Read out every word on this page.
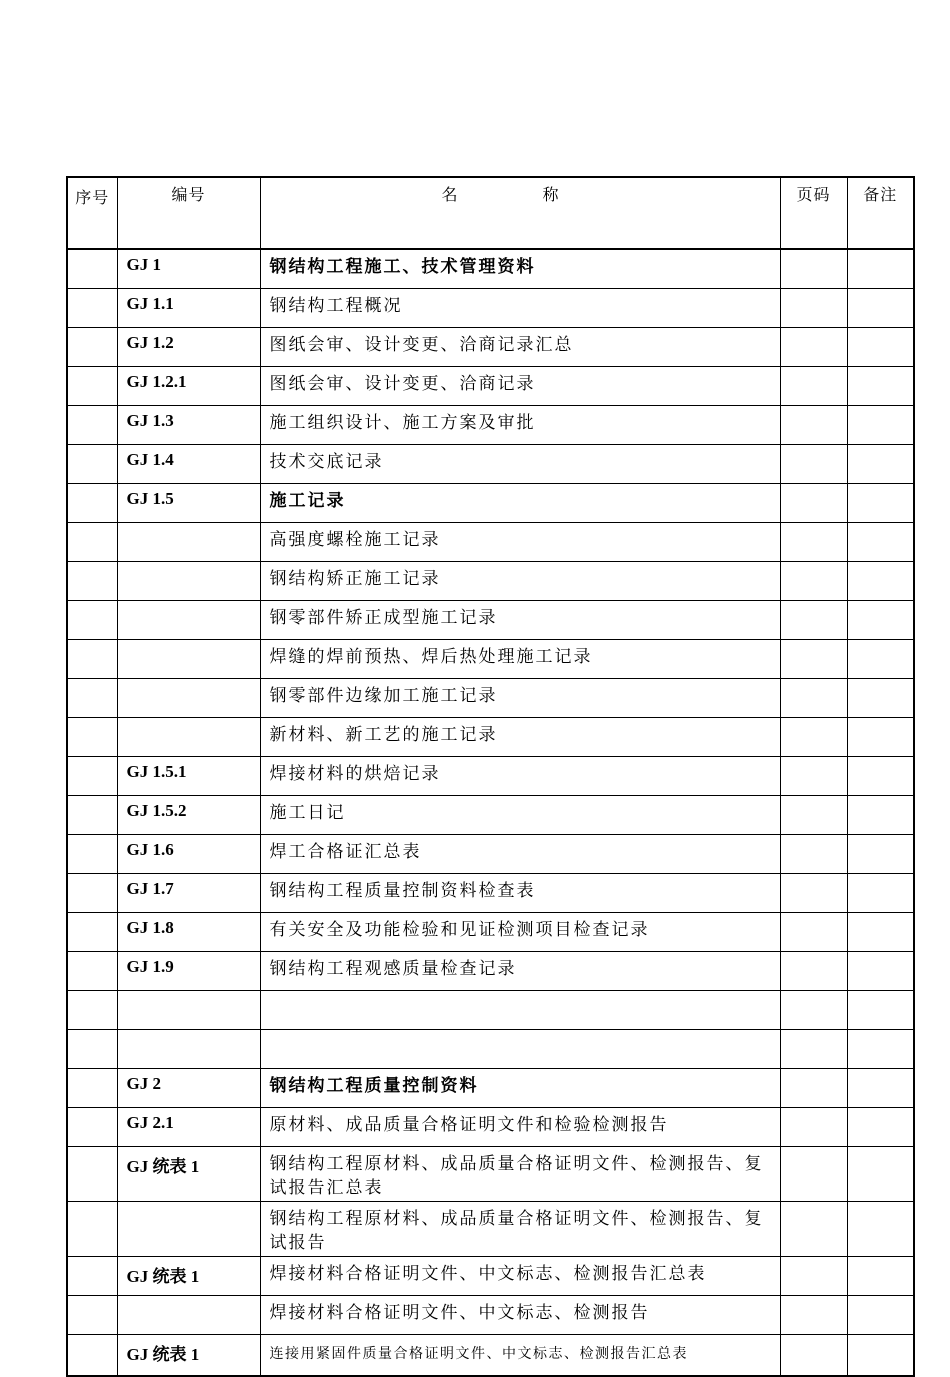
序号	编号	名 称	页码	备注
	GJ 1	钢结构工程施工、技术管理资料		
	GJ 1.1	钢结构工程概况		
	GJ 1.2	图纸会审、设计变更、洽商记录汇总		
	GJ 1.2.1	图纸会审、设计变更、洽商记录		
	GJ 1.3	施工组织设计、施工方案及审批		
	GJ 1.4	技术交底记录		
	GJ 1.5	施工记录		
		高强度螺栓施工记录		
		钢结构矫正施工记录		
		钢零部件矫正成型施工记录		
		焊缝的焊前预热、焊后热处理施工记录		
		钢零部件边缘加工施工记录		
		新材料、新工艺的施工记录		
	GJ 1.5.1	焊接材料的烘焙记录		
	GJ 1.5.2	施工日记		
	GJ 1.6	焊工合格证汇总表		
	GJ 1.7	钢结构工程质量控制资料检查表		
	GJ 1.8	有关安全及功能检验和见证检测项目检查记录		
	GJ 1.9	钢结构工程观感质量检查记录		

	GJ 2	钢结构工程质量控制资料		
	GJ 2.1	原材料、成品质量合格证明文件和检验检测报告		
	GJ 统表 1	钢结构工程原材料、成品质量合格证明文件、检测报告、复试报告汇总表		
		钢结构工程原材料、成品质量合格证明文件、检测报告、复试报告		
	GJ 统表 1	焊接材料合格证明文件、中文标志、检测报告汇总表		
		焊接材料合格证明文件、中文标志、检测报告		
	GJ 统表 1	连接用紧固件质量合格证明文件、中文标志、检测报告汇总表		
